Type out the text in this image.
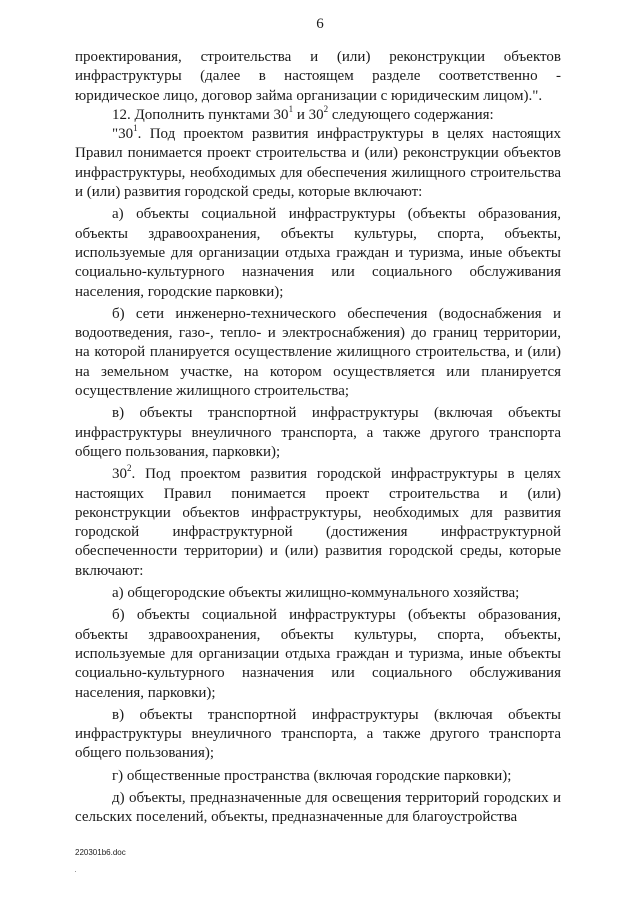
6

проектирования, строительства и (или) реконструкции объектов инфраструктуры (далее в настоящем разделе соответственно - юридическое лицо, договор займа организации с юридическим лицом).".

12. Дополнить пунктами $30^1$ и $30^2$ следующего содержания:

"$30^1$. Под проектом развития инфраструктуры в целях настоящих Правил понимается проект строительства и (или) реконструкции объектов инфраструктуры, необходимых для обеспечения жилищного строительства и (или) развития городской среды, которые включают:

а) объекты социальной инфраструктуры (объекты образования, объекты здравоохранения, объекты культуры, спорта, объекты, используемые для организации отдыха граждан и туризма, иные объекты социально-культурного назначения или социального обслуживания населения, городские парковки);

б) сети инженерно-технического обеспечения (водоснабжения и водоотведения, газо-, тепло- и электроснабжения) до границ территории, на которой планируется осуществление жилищного строительства, и (или) на земельном участке, на котором осуществляется или планируется осуществление жилищного строительства;

в) объекты транспортной инфраструктуры (включая объекты инфраструктуры внеуличного транспорта, а также другого транспорта общего пользования, парковки);

$30^2$. Под проектом развития городской инфраструктуры в целях настоящих Правил понимается проект строительства и (или) реконструкции объектов инфраструктуры, необходимых для развития городской инфраструктурной (достижения инфраструктурной обеспеченности территории) и (или) развития городской среды, которые включают:

а) общегородские объекты жилищно-коммунального хозяйства;

б) объекты социальной инфраструктуры (объекты образования, объекты здравоохранения, объекты культуры, спорта, объекты, используемые для организации отдыха граждан и туризма, иные объекты социально-культурного назначения или социального обслуживания населения, парковки);

в) объекты транспортной инфраструктуры (включая объекты инфраструктуры внеуличного транспорта, а также другого транспорта общего пользования);

г) общественные пространства (включая городские парковки);

д) объекты, предназначенные для освещения территорий городских и сельских поселений, объекты, предназначенные для благоустройства

220301b6.doc
